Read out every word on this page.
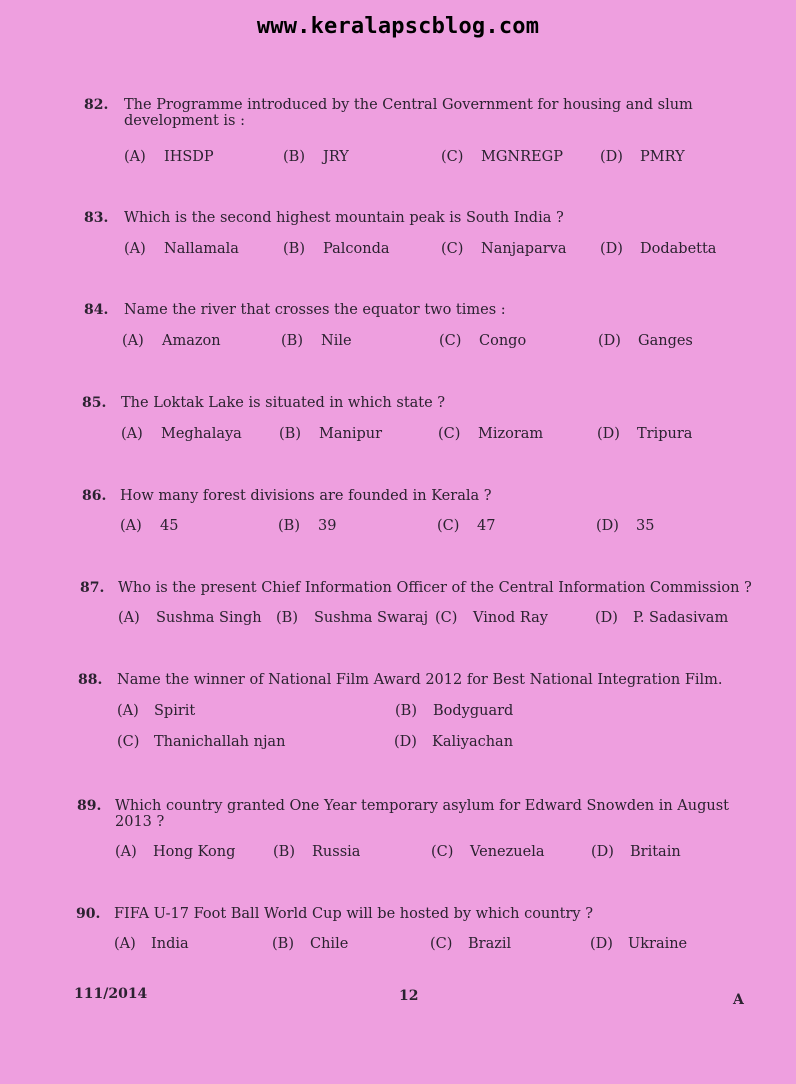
www.keralapscblog.com
82. The Programme introduced by the Central Government for housing and slum development is :
(A) IHSDP	(B) JRY	(C) MGNREGP	(D) PMRY
83. Which is the second highest mountain peak is South India ?
(A) Nallamala	(B) Palconda	(C) Nanjaparva (D) Dodabetta
84. Name the river that crosses the equator two times :
(A) Amazon	(B) Nile	(C) Congo	(D) Ganges
85. The Loktak Lake is situated in which state ?
(A) Meghalaya	(B) Manipur	(C) Mizoram	(D) Tripura
86. How many forest divisions are founded in Kerala ?
(A) 45	(B) 39	(C) 47	(D) 35
87. Who is the present Chief Information Officer of the Central Information Commission ?
(A) Sushma Singh (B) Sushma Swaraj (C) Vinod Ray	(D) P. Sadasivam
88. Name the winner of National Film Award 2012 for Best National Integration Film.
(A) Spirit	(B) Bodyguard
(C) Thanichallah njan	(D) Kaliyachan
89. Which country granted One Year temporary asylum for Edward Snowden in August 2013 ?
(A) Hong Kong	(B) Russia	(C) Venezuela	(D) Britain
90. FIFA U-17 Foot Ball World Cup will be hosted by which country ?
(A) India	(B) Chile	(C) Brazil	(D) Ukraine
111/2014	12	A
